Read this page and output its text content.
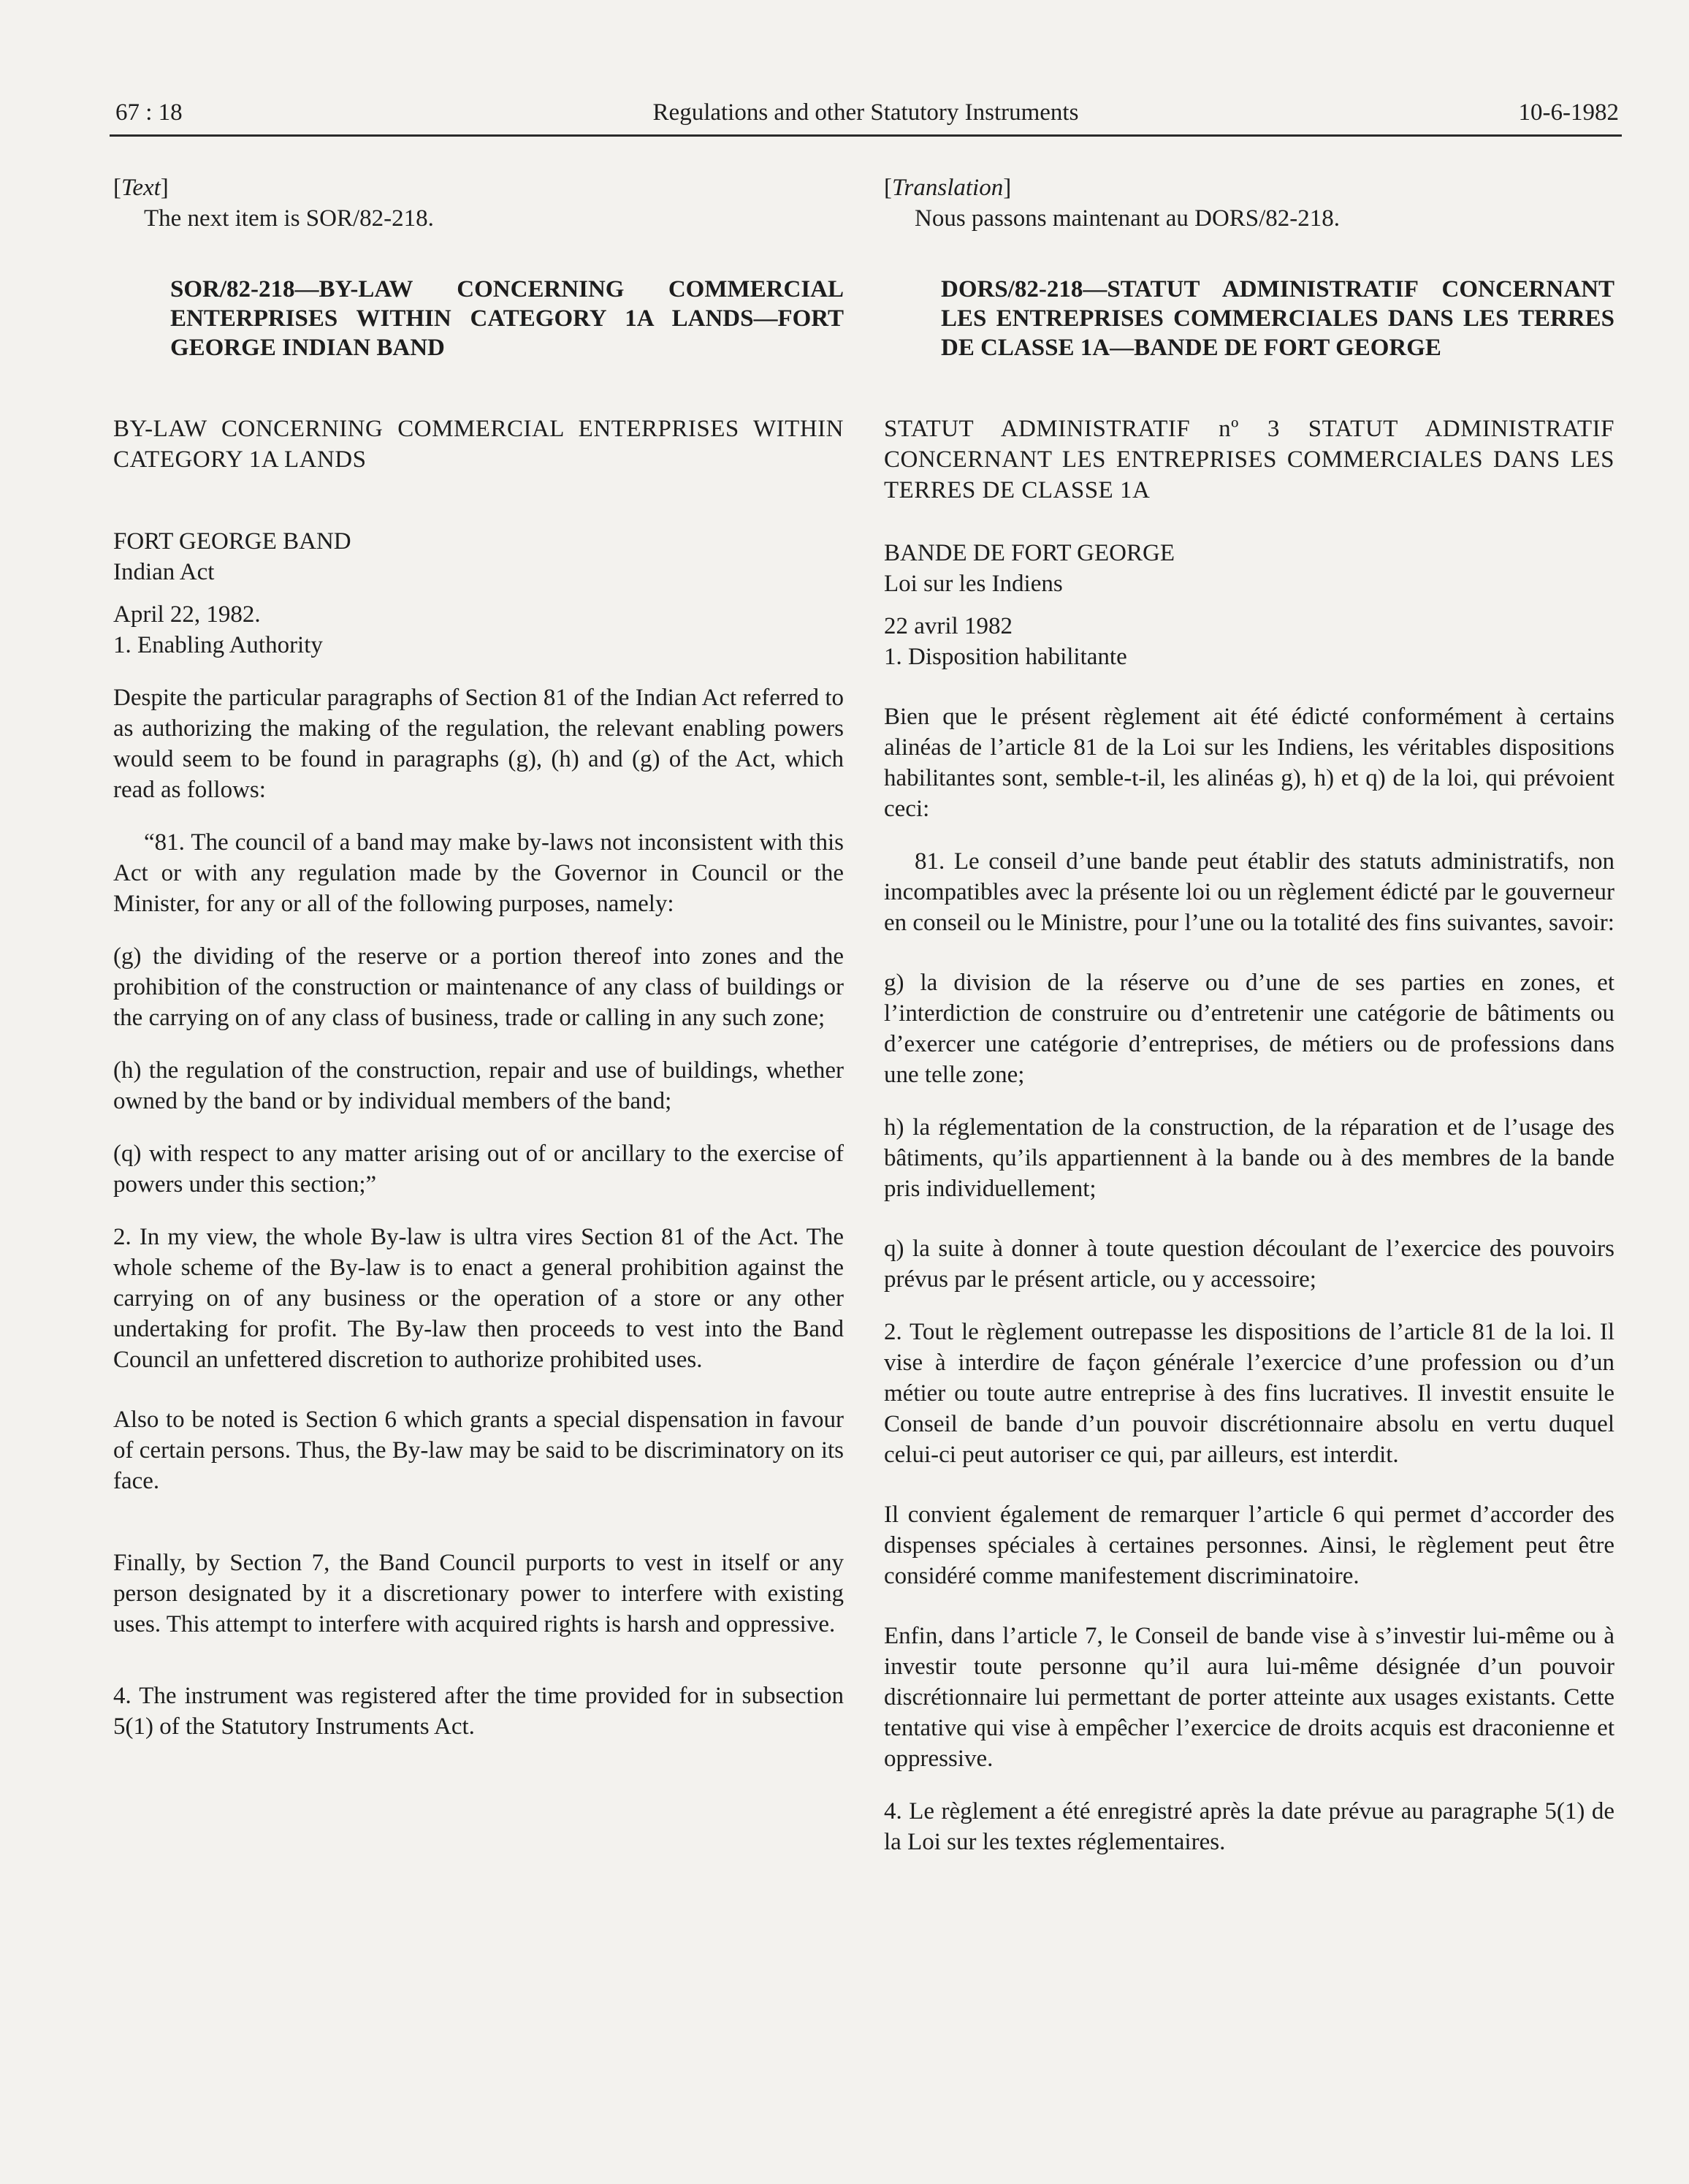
67 : 18	Regulations and other Statutory Instruments	10-6-1982

[Text]

The next item is SOR/82-218.

SOR/82-218—BY-LAW CONCERNING COMMERCIAL ENTERPRISES WITHIN CATEGORY 1A LANDS—FORT GEORGE INDIAN BAND

BY-LAW CONCERNING COMMERCIAL ENTERPRISES WITHIN CATEGORY 1A LANDS

FORT GEORGE BAND

Indian Act

April 22, 1982.

1. Enabling Authority

Despite the particular paragraphs of Section 81 of the Indian Act referred to as authorizing the making of the regulation, the relevant enabling powers would seem to be found in paragraphs (g), (h) and (g) of the Act, which read as follows:

“81. The council of a band may make by-laws not inconsistent with this Act or with any regulation made by the Governor in Council or the Minister, for any or all of the following purposes, namely:

(g) the dividing of the reserve or a portion thereof into zones and the prohibition of the construction or maintenance of any class of buildings or the carrying on of any class of business, trade or calling in any such zone;

(h) the regulation of the construction, repair and use of buildings, whether owned by the band or by individual members of the band;

(q) with respect to any matter arising out of or ancillary to the exercise of powers under this section;”

2. In my view, the whole By-law is ultra vires Section 81 of the Act. The whole scheme of the By-law is to enact a general prohibition against the carrying on of any business or the operation of a store or any other undertaking for profit. The By-law then proceeds to vest into the Band Council an unfettered discretion to authorize prohibited uses.

Also to be noted is Section 6 which grants a special dispensation in favour of certain persons. Thus, the By-law may be said to be discriminatory on its face.

Finally, by Section 7, the Band Council purports to vest in itself or any person designated by it a discretionary power to interfere with existing uses. This attempt to interfere with acquired rights is harsh and oppressive.

4. The instrument was registered after the time provided for in subsection 5(1) of the Statutory Instruments Act.

[Translation]

Nous passons maintenant au DORS/82-218.

DORS/82-218—STATUT ADMINISTRATIF CONCERNANT LES ENTREPRISES COMMERCIALES DANS LES TERRES DE CLASSE 1A—BANDE DE FORT GEORGE

STATUT ADMINISTRATIF nº 3 STATUT ADMINISTRATIF CONCERNANT LES ENTREPRISES COMMERCIALES DANS LES TERRES DE CLASSE 1A

BANDE DE FORT GEORGE

Loi sur les Indiens

22 avril 1982

1. Disposition habilitante

Bien que le présent règlement ait été édicté conformément à certains alinéas de l’article 81 de la Loi sur les Indiens, les véritables dispositions habilitantes sont, semble-t-il, les alinéas g), h) et q) de la loi, qui prévoient ceci:

81. Le conseil d’une bande peut établir des statuts administratifs, non incompatibles avec la présente loi ou un règlement édicté par le gouverneur en conseil ou le Ministre, pour l’une ou la totalité des fins suivantes, savoir:

g) la division de la réserve ou d’une de ses parties en zones, et l’interdiction de construire ou d’entretenir une catégorie de bâtiments ou d’exercer une catégorie d’entreprises, de métiers ou de professions dans une telle zone;

h) la réglementation de la construction, de la réparation et de l’usage des bâtiments, qu’ils appartiennent à la bande ou à des membres de la bande pris individuellement;

q) la suite à donner à toute question découlant de l’exercice des pouvoirs prévus par le présent article, ou y accessoire;

2. Tout le règlement outrepasse les dispositions de l’article 81 de la loi. Il vise à interdire de façon générale l’exercice d’une profession ou d’un métier ou toute autre entreprise à des fins lucratives. Il investit ensuite le Conseil de bande d’un pouvoir discrétionnaire absolu en vertu duquel celui-ci peut autoriser ce qui, par ailleurs, est interdit.

Il convient également de remarquer l’article 6 qui permet d’accorder des dispenses spéciales à certaines personnes. Ainsi, le règlement peut être considéré comme manifestement discriminatoire.

Enfin, dans l’article 7, le Conseil de bande vise à s’investir lui-même ou à investir toute personne qu’il aura lui-même désignée d’un pouvoir discrétionnaire lui permettant de porter atteinte aux usages existants. Cette tentative qui vise à empêcher l’exercice de droits acquis est draconienne et oppressive.

4. Le règlement a été enregistré après la date prévue au paragraphe 5(1) de la Loi sur les textes réglementaires.
